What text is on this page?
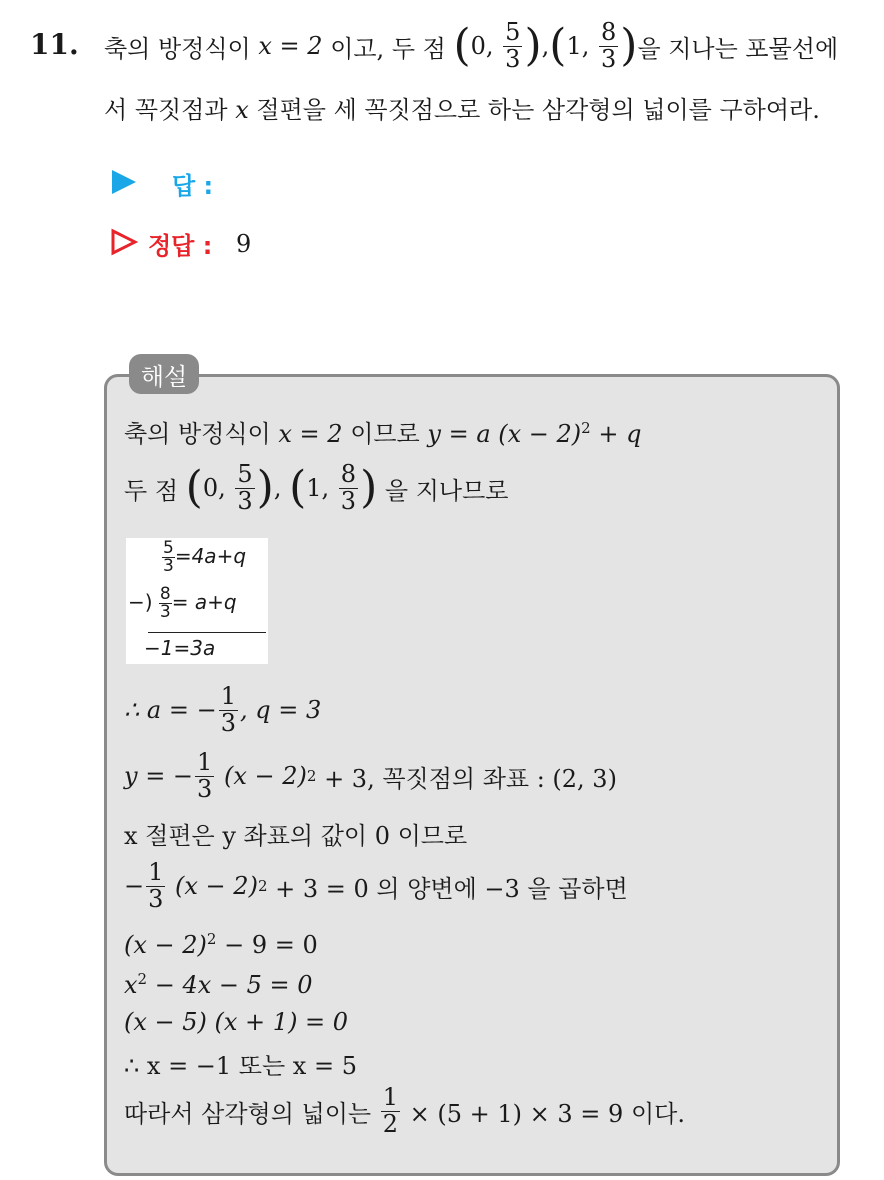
11. 축의 방정식이
x = 2
이고, 두 점
( 0,
$\frac{5}{3}$ ) , ( 1,
$\frac{8}{3}$ ) 을 지나는 포물선에
서 꼭짓점과 x 절편을 세 꼭짓점으로 하는 삼각형의 넓이를 구하여라.
답 :
정답 : 9
해설
축의 방정식이 x = 2 이므로 y = a $(x - 2)^2 + q$
두 점
( 0,
$\frac{5}{3}$ ) , ( 1,
$\frac{8}{3}$ )
을 지나므로
$\frac{5}{3} =4a+q$
−) $\frac{8}{3} = a+q$
−1=3a
∴ a = − $\frac{1}{3}$ , q = 3
y = − $\frac{1}{3}$
(x − 2) 2
+ 3, 꼭짓점의 좌표 : (2, 3)
x 절편은 y 좌표의 값이 0 이므로
− $\frac{1}{3}$
(x − 2) 2
+ 3 = 0 의 양변에 −3 을 곱하면
$(x - 2)^2 - 9 = 0$
$x^2 - 4x - 5 = 0$
(x − 5) (x + 1) = 0
∴ x = −1 또는 x = 5
따라서 삼각형의 넓이는
$\frac{1}{2}$
× (5 + 1) × 3 = 9 이다.
